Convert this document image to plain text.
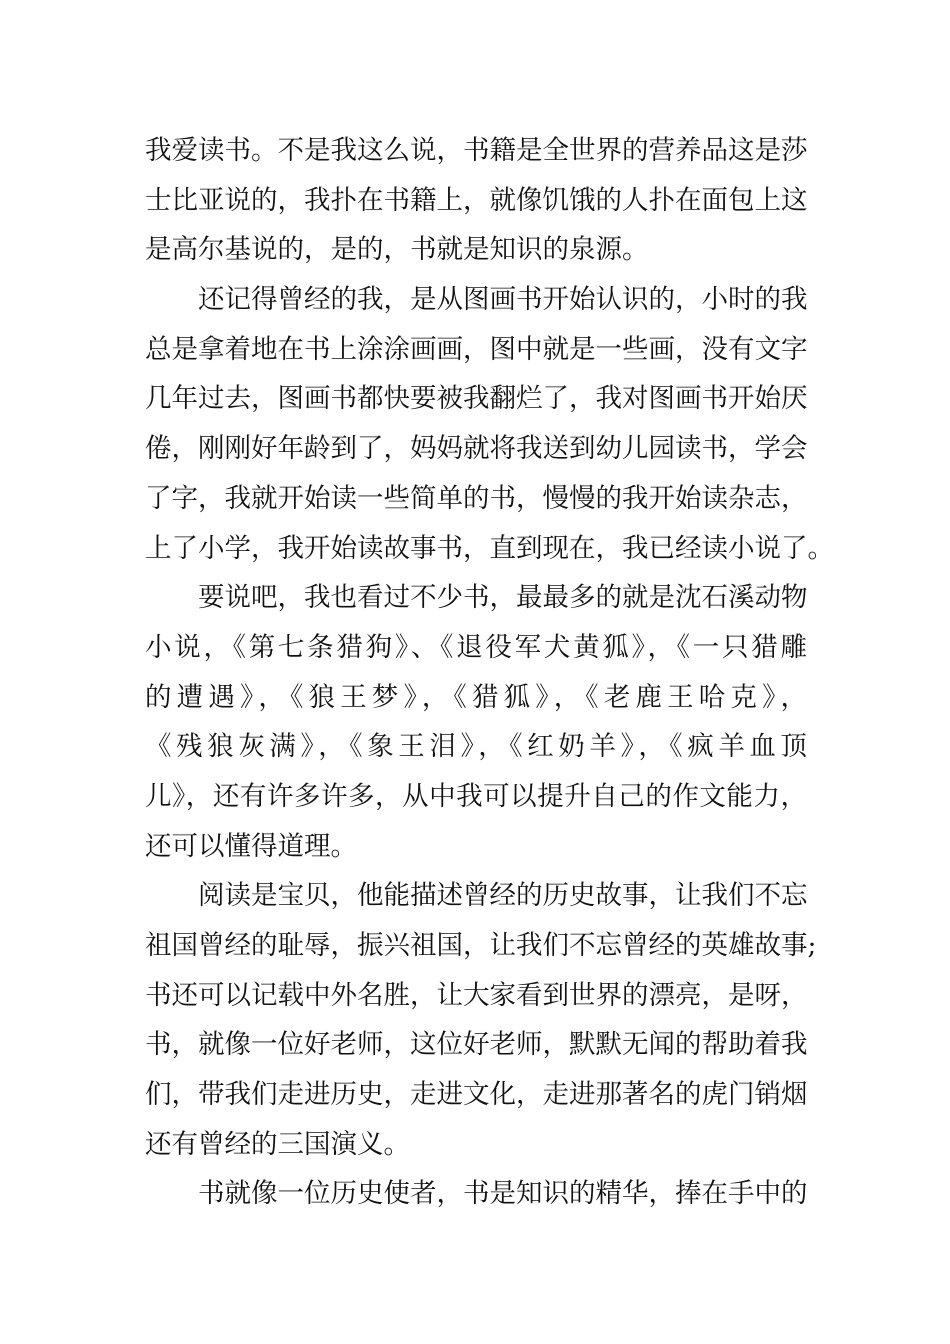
我爱读书。不是我这么说，书籍是全世界的营养品这是莎
士比亚说的，我扑在书籍上，就像饥饿的人扑在面包上这
是高尔基说的，是的，书就是知识的泉源。
还记得曾经的我，是从图画书开始认识的，小时的我
总是拿着地在书上涂涂画画，图中就是一些画，没有文字
几年过去，图画书都快要被我翻烂了，我对图画书开始厌
倦，刚刚好年龄到了，妈妈就将我送到幼儿园读书，学会
了字，我就开始读一些简单的书，慢慢的我开始读杂志，
上了小学，我开始读故事书，直到现在，我已经读小说了。
要说吧，我也看过不少书，最最多的就是沈石溪动物
小说，《第七条猎狗》、《退役军犬黄狐》，《一只猎雕
的遭遇》，《狼王梦》，《猎狐》，《老鹿王哈克》，
《残狼灰满》，《象王泪》，《红奶羊》，《疯羊血顶
儿》，还有许多许多，从中我可以提升自己的作文能力，
还可以懂得道理。
阅读是宝贝，他能描述曾经的历史故事，让我们不忘
祖国曾经的耻辱，振兴祖国，让我们不忘曾经的英雄故事;
书还可以记载中外名胜，让大家看到世界的漂亮，是呀，
书，就像一位好老师，这位好老师，默默无闻的帮助着我
们，带我们走进历史，走进文化，走进那著名的虎门销烟
还有曾经的三国演义。
书就像一位历史使者，书是知识的精华，捧在手中的
